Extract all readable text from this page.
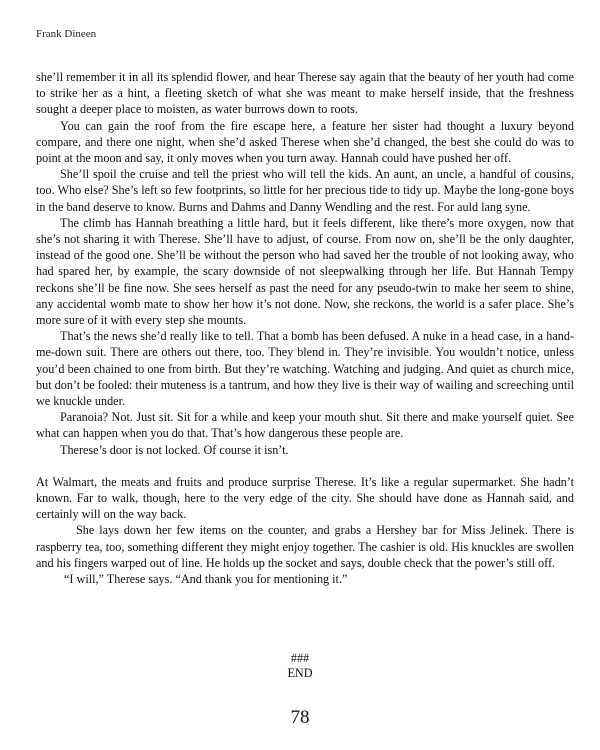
Frank Dineen

she’ll remember it in all its splendid flower, and hear Therese say again that the beauty of her youth had come to strike her as a hint, a fleeting sketch of what she was meant to make herself inside, that the freshness sought a deeper place to moisten, as water burrows down to roots.

You can gain the roof from the fire escape here, a feature her sister had thought a luxury beyond compare, and there one night, when she’d asked Therese when she’d changed, the best she could do was to point at the moon and say, it only moves when you turn away. Hannah could have pushed her off.

She’ll spoil the cruise and tell the priest who will tell the kids. An aunt, an uncle, a handful of cousins, too. Who else? She’s left so few footprints, so little for her precious tide to tidy up. Maybe the long-gone boys in the band deserve to know. Burns and Dahms and Danny Wendling and the rest. For auld lang syne.

The climb has Hannah breathing a little hard, but it feels different, like there’s more oxygen, now that she’s not sharing it with Therese. She’ll have to adjust, of course. From now on, she’ll be the only daughter, instead of the good one. She’ll be without the person who had saved her the trouble of not looking away, who had spared her, by example, the scary downside of not sleepwalking through her life. But Hannah Tempy reckons she’ll be fine now. She sees herself as past the need for any pseudo-twin to make her seem to shine, any accidental womb mate to show her how it’s not done. Now, she reckons, the world is a safer place. She’s more sure of it with every step she mounts.

That’s the news she’d really like to tell. That a bomb has been defused. A nuke in a head case, in a hand-me-down suit. There are others out there, too. They blend in. They’re invisible. You wouldn’t notice, unless you’d been chained to one from birth. But they’re watching. Watching and judging. And quiet as church mice, but don’t be fooled: their muteness is a tantrum, and how they live is their way of wailing and screeching until we knuckle under.

Paranoia? Not. Just sit. Sit for a while and keep your mouth shut. Sit there and make yourself quiet. See what can happen when you do that. That’s how dangerous these people are.

Therese’s door is not locked. Of course it isn’t.

At Walmart, the meats and fruits and produce surprise Therese. It’s like a regular supermarket. She hadn’t known. Far to walk, though, here to the very edge of the city. She should have done as Hannah said, and certainly will on the way back.

She lays down her few items on the counter, and grabs a Hershey bar for Miss Jelinek. There is raspberry tea, too, something different they might enjoy together. The cashier is old. His knuckles are swollen and his fingers warped out of line. He holds up the socket and says, double check that the power’s still off.

“I will,” Therese says. “And thank you for mentioning it.”

###
END
78
